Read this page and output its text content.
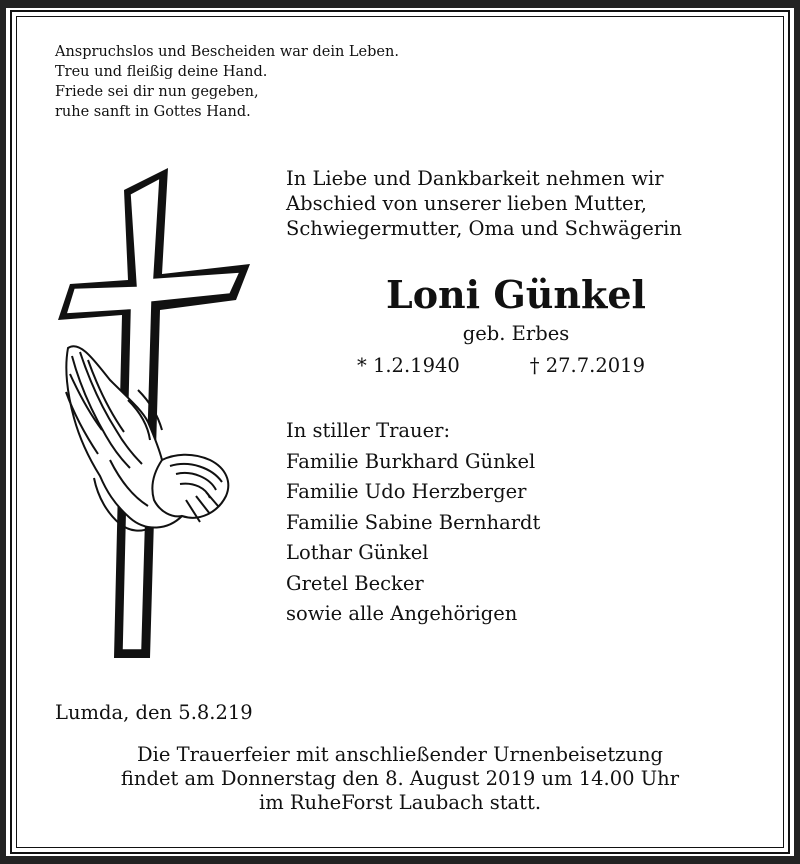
Anspruchslos und Bescheiden war dein Leben.
Treu und fleißig deine Hand.
Friede sei dir nun gegeben,
ruhe sanft in Gottes Hand.
In Liebe und Dankbarkeit nehmen wir
Abschied von unserer lieben Mutter,
Schwiegermutter, Oma und Schwägerin
Loni Günkel
geb. Erbes
* 1.2.1940	† 27.7.2019
In stiller Trauer:
Familie Burkhard Günkel
Familie Udo Herzberger
Familie Sabine Bernhardt
Lothar Günkel
Gretel Becker
sowie alle Angehörigen
Lumda, den 5.8.219
Die Trauerfeier mit anschließender Urnenbeisetzung
findet am Donnerstag den 8. August 2019 um 14.00 Uhr
im RuheForst Laubach statt.
